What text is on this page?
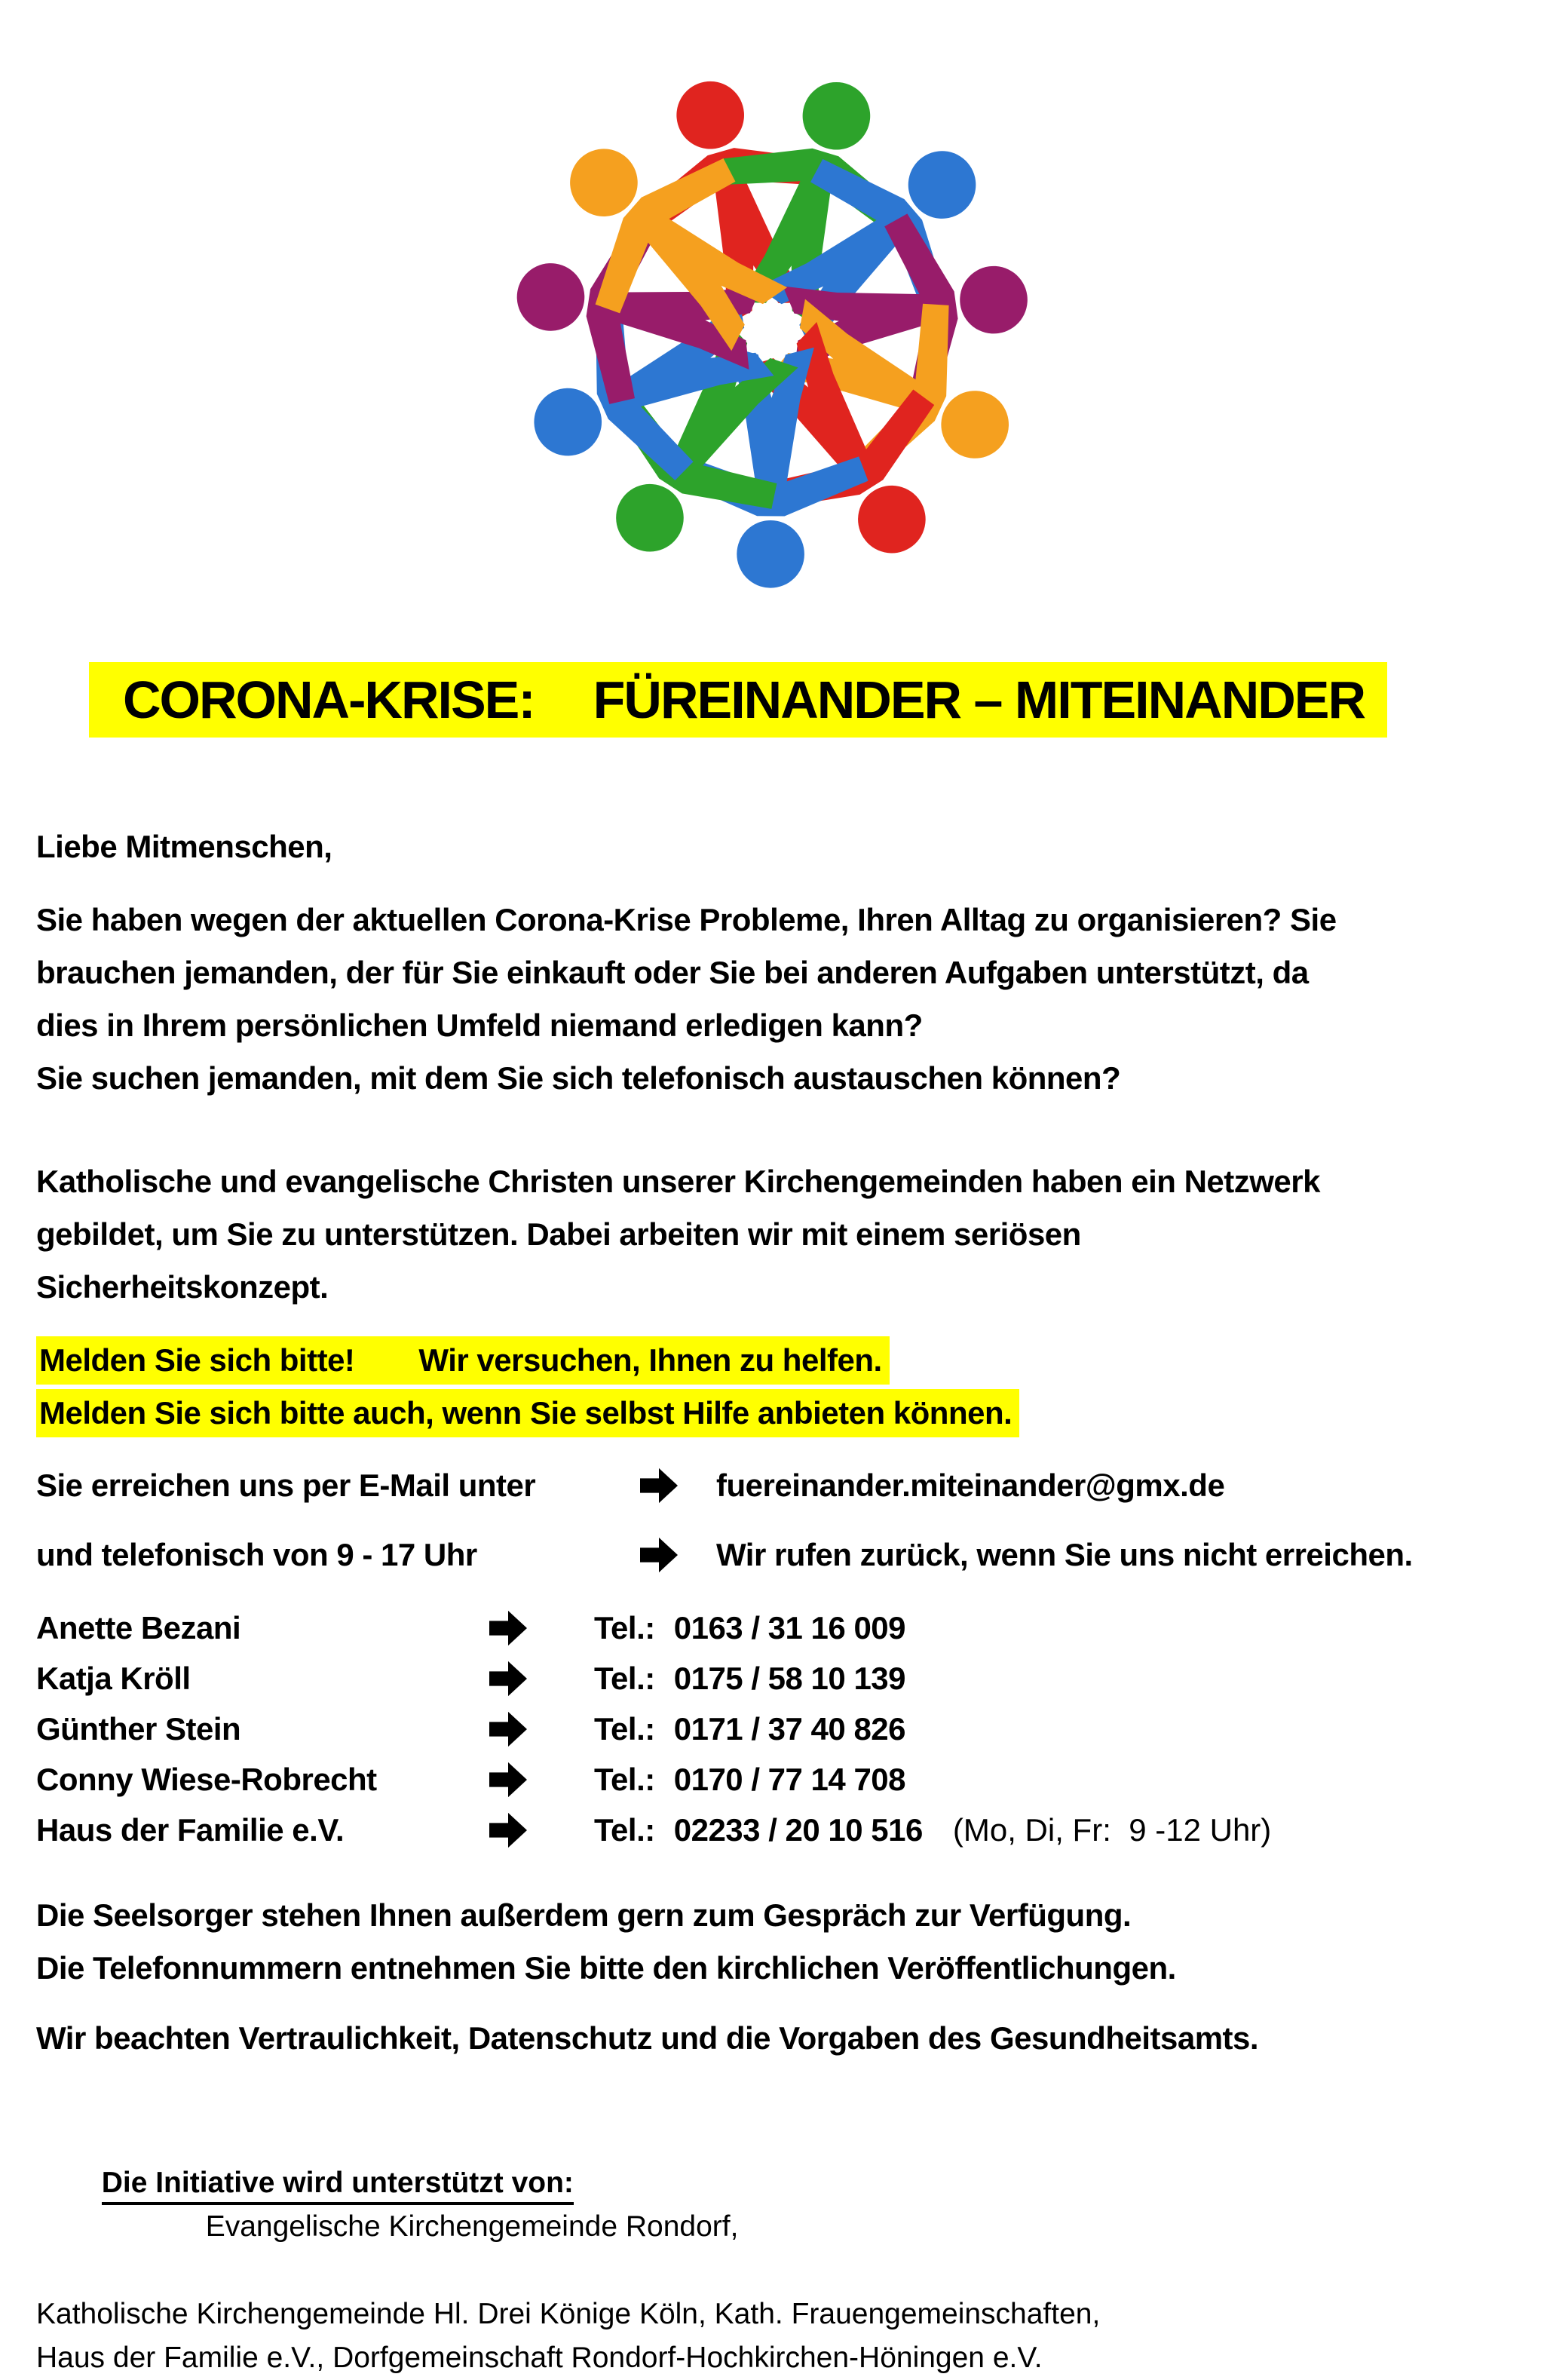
CORONA-KRISE: FÜREINANDER – MITEINANDER
Liebe Mitmenschen,
Sie haben wegen der aktuellen Corona-Krise Probleme, Ihren Alltag zu organisieren? Sie
brauchen jemanden, der für Sie einkauft oder Sie bei anderen Aufgaben unterstützt, da
dies in Ihrem persönlichen Umfeld niemand erledigen kann?
Sie suchen jemanden, mit dem Sie sich telefonisch austauschen können?
Katholische und evangelische Christen unserer Kirchengemeinden haben ein Netzwerk
gebildet, um Sie zu unterstützen. Dabei arbeiten wir mit einem seriösen
Sicherheitskonzept.
Melden Sie sich bitte! Wir versuchen, Ihnen zu helfen.
Melden Sie sich bitte auch, wenn Sie selbst Hilfe anbieten können.
Sie erreichen uns per E-Mail unter	fuereinander.miteinander@gmx.de
und telefonisch von 9 - 17 Uhr	Wir rufen zurück, wenn Sie uns nicht erreichen.
Anette Bezani	Tel.: 0163 / 31 16 009
Katja Kröll	Tel.: 0175 / 58 10 139
Günther Stein	Tel.: 0171 / 37 40 826
Conny Wiese-Robrecht	Tel.: 0170 / 77 14 708
Haus der Familie e.V.	Tel.: 02233 / 20 10 516 (Mo, Di, Fr:  9 -12 Uhr)
Die Seelsorger stehen Ihnen außerdem gern zum Gespräch zur Verfügung.
Die Telefonnummern entnehmen Sie bitte den kirchlichen Veröffentlichungen.
Wir beachten Vertraulichkeit, Datenschutz und die Vorgaben des Gesundheitsamts.

Die Initiative wird unterstützt von:
Evangelische Kirchengemeinde Rondorf,

Katholische Kirchengemeinde Hl. Drei Könige Köln, Kath. Frauengemeinschaften,
Haus der Familie e.V., Dorfgemeinschaft Rondorf-Hochkirchen-Höningen e.V.
